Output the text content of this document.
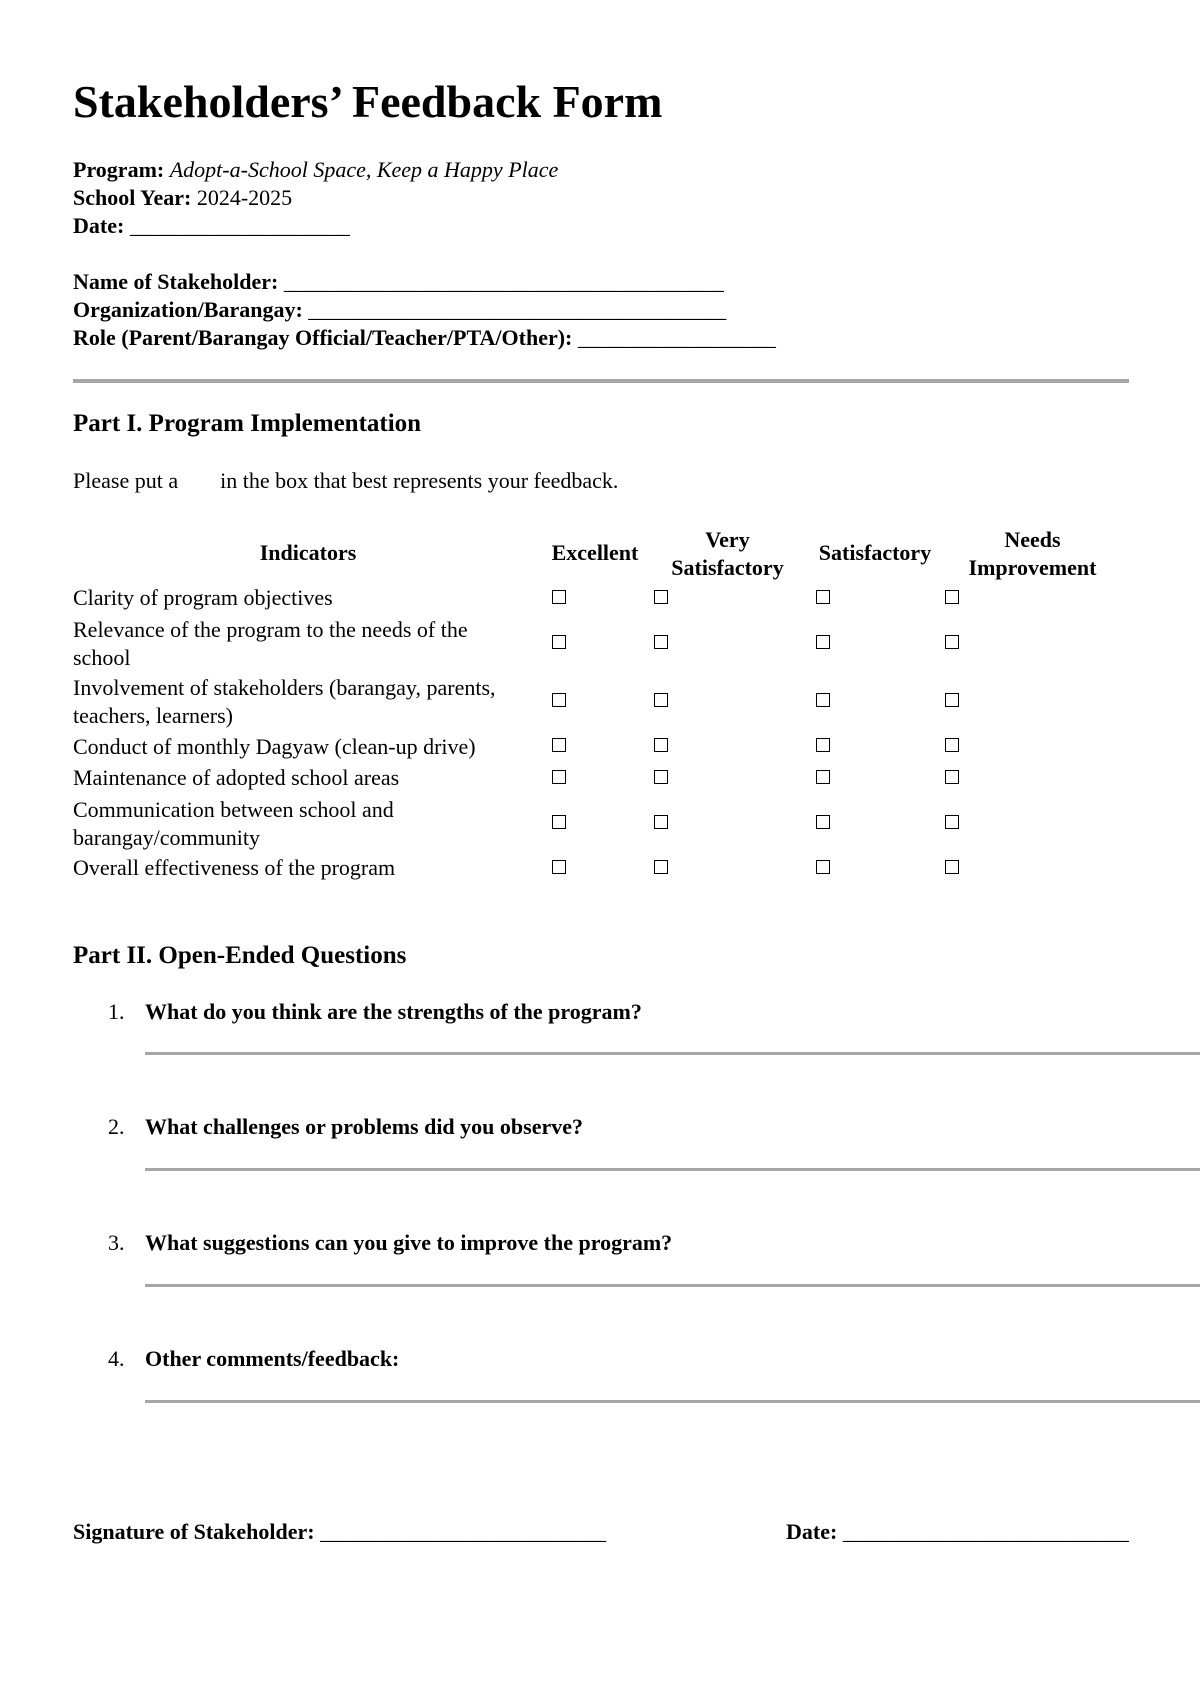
Stakeholders’ Feedback Form
Program: Adopt-a-School Space, Keep a Happy Place
School Year: 2024-2025
Date: ____________________
Name of Stakeholder: ________________________________________
Organization/Barangay: ______________________________________
Role (Parent/Barangay Official/Teacher/PTA/Other): __________________
Part I. Program Implementation
Please put a in the box that best represents your feedback.
Indicators	Excellent
Very
Satisfactory
Satisfactory
Needs
Improvement
Clarity of program objectives
Relevance of the program to the needs of the
school
Involvement of stakeholders (barangay, parents,
teachers, learners)
Conduct of monthly Dagyaw (clean-up drive)
Maintenance of adopted school areas
Communication between school and
barangay/community
Overall effectiveness of the program
Part II. Open-Ended Questions
1. What do you think are the strengths of the program?
2. What challenges or problems did you observe?
3. What suggestions can you give to improve the program?
4. Other comments/feedback:
Signature of Stakeholder: __________________________	Date: __________________________
